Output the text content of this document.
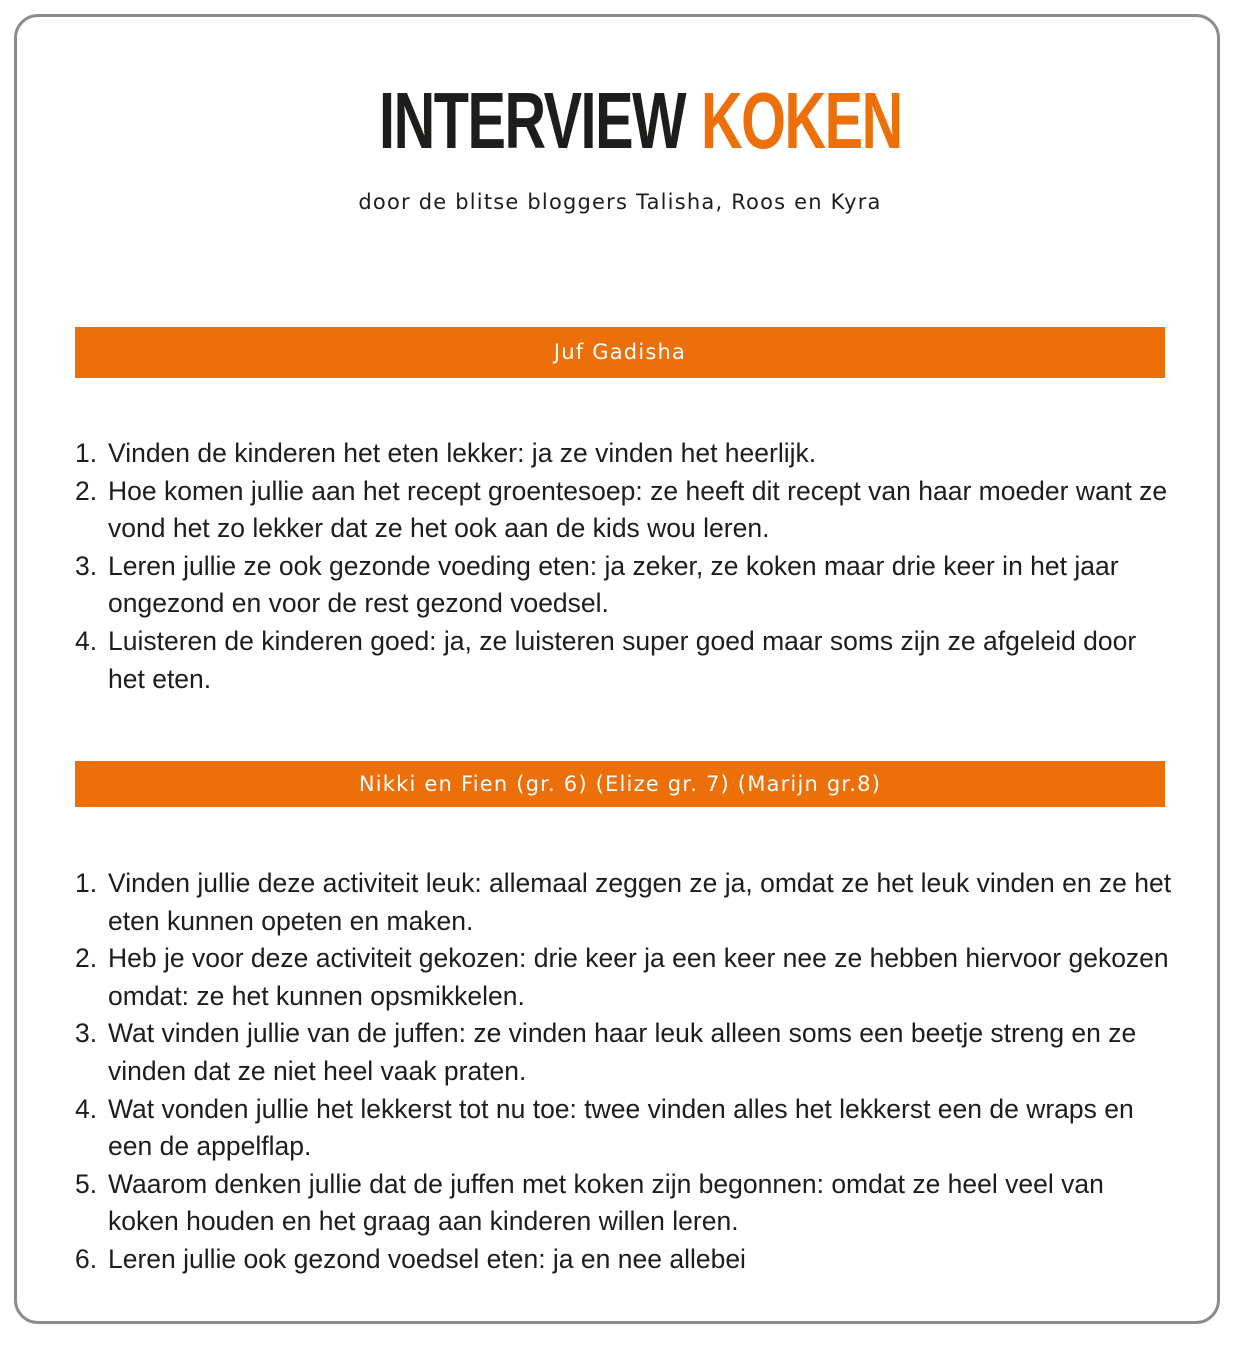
INTERVIEW KOKEN
door de blitse bloggers Talisha, Roos en Kyra
Juf Gadisha
1. Vinden de kinderen het eten lekker: ja ze vinden het heerlijk.
2. Hoe komen jullie aan het recept groentesoep: ze heeft dit recept van haar moeder want ze vond het zo lekker dat ze het ook aan de kids wou leren.
3. Leren jullie ze ook gezonde voeding eten: ja zeker, ze koken maar drie keer in het jaar ongezond en voor de rest gezond voedsel.
4. Luisteren de kinderen goed: ja, ze luisteren super goed maar soms zijn ze afgeleid door het eten.
Nikki en Fien (gr. 6) (Elize gr. 7) (Marijn gr.8)
1. Vinden jullie deze activiteit leuk: allemaal zeggen ze ja, omdat ze het leuk vinden en ze het eten kunnen opeten en maken.
2. Heb je voor deze activiteit gekozen: drie keer ja een keer nee ze hebben hiervoor gekozen omdat: ze het kunnen opsmikkelen.
3. Wat vinden jullie van de juffen: ze vinden haar leuk alleen soms een beetje streng en ze vinden dat ze niet heel vaak praten.
4. Wat vonden jullie het lekkerst tot nu toe: twee vinden alles het lekkerst een de wraps en een de appelflap.
5. Waarom denken jullie dat de juffen met koken zijn begonnen: omdat ze heel veel van koken houden en het graag aan kinderen willen leren.
6. Leren jullie ook gezond voedsel eten: ja en nee allebei
